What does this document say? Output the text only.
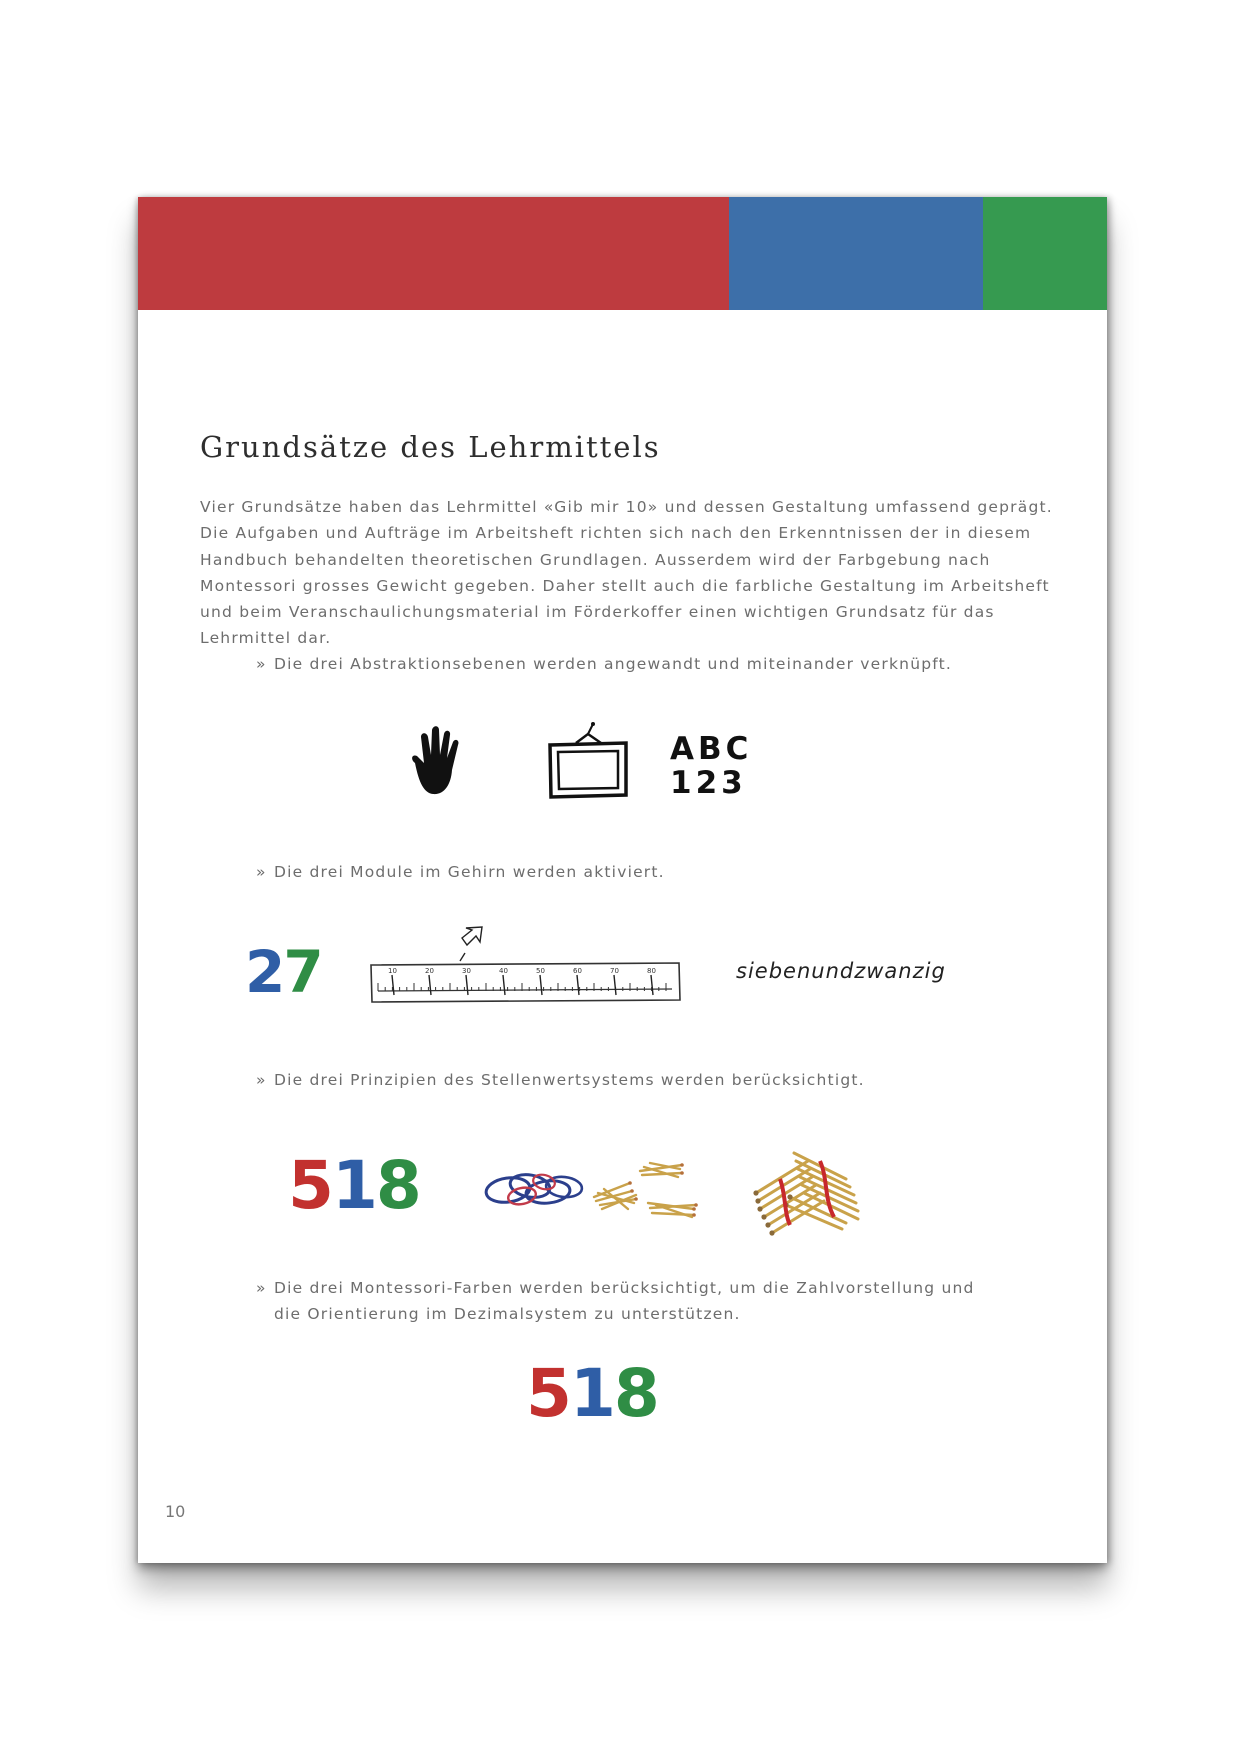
Grundsätze des Lehrmittels

Vier Grundsätze haben das Lehrmittel «Gib mir 10» und dessen Gestaltung umfassend geprägt. Die Aufgaben und Aufträge im Arbeitsheft richten sich nach den Erkenntnissen der in diesem Handbuch behandelten theoretischen Grundlagen. Ausserdem wird der Farbgebung nach Montessori grosses Gewicht gegeben. Daher stellt auch die farbliche Gestaltung im Arbeitsheft und beim Veranschaulichungsmaterial im Förderkoffer einen wichtigen Grundsatz für das Lehrmittel dar.

» Die drei Abstraktionsebenen werden angewandt und miteinander verknüpft.

ABC
123

» Die drei Module im Gehirn werden aktiviert.

27	10	20	30	40	50	60	70	80	siebenundzwanzig

» Die drei Prinzipien des Stellenwertsystems werden berücksichtigt.

518

» Die drei Montessori-Farben werden berücksichtigt, um die Zahlvorstellung und
die Orientierung im Dezimalsystem zu unterstützen.

518
10
